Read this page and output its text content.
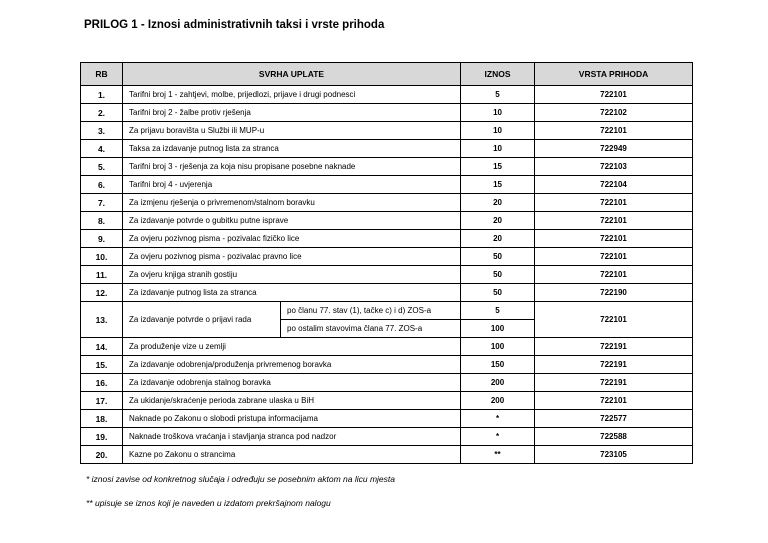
PRILOG 1 - Iznosi administrativnih taksi i vrste prihoda
RB	SVRHA UPLATE		IZNOS	VRSTA PRIHODA
1.	Tarifni broj 1 - zahtjevi, molbe, prijedlozi, prijave i drugi podnesci		5	722101
2.	Tarifni broj 2 - žalbe protiv rješenja		10	722102
3.	Za prijavu boravišta u Službi ili MUP-u		10	722101
4.	Taksa za izdavanje putnog lista za stranca		10	722949
5.	Tarifni broj 3 - rješenja za koja nisu propisane posebne naknade		15	722103
6.	Tarifni broj 4 - uvjerenja		15	722104
7.	Za izmjenu rješenja o privremenom/stalnom boravku		20	722101
8.	Za izdavanje potvrde o gubitku putne isprave		20	722101
9.	Za ovjeru pozivnog pisma - pozivalac fizičko lice		20	722101
10.	Za ovjeru pozivnog pisma - pozivalac pravno lice		50	722101
11.	Za ovjeru knjiga stranih gostiju		50	722101
12.	Za izdavanje putnog lista za stranca		50	722190
13.	Za izdavanje potvrde o prijavi rada	po članu 77. stav (1), tačke c) i d) ZOS-a	5	722101
		po ostalim stavovima člana 77. ZOS-a	100	
14.	Za produženje vize u zemlji		100	722191
15.	Za izdavanje odobrenja/produženja privremenog boravka		150	722191
16.	Za izdavanje odobrenja stalnog boravka		200	722191
17.	Za ukidanje/skraćenje perioda zabrane ulaska u BiH		200	722101
18.	Naknade po Zakonu o slobodi pristupa informacijama		*	722577
19.	Naknade troškova vraćanja i stavljanja stranca pod nadzor		*	722588
20.	Kazne po Zakonu o strancima		**	723105
* iznosi zavise od konkretnog slučaja i određuju se posebnim aktom na licu mjesta
** upisuje se iznos koji je naveden u izdatom prekršajnom nalogu
